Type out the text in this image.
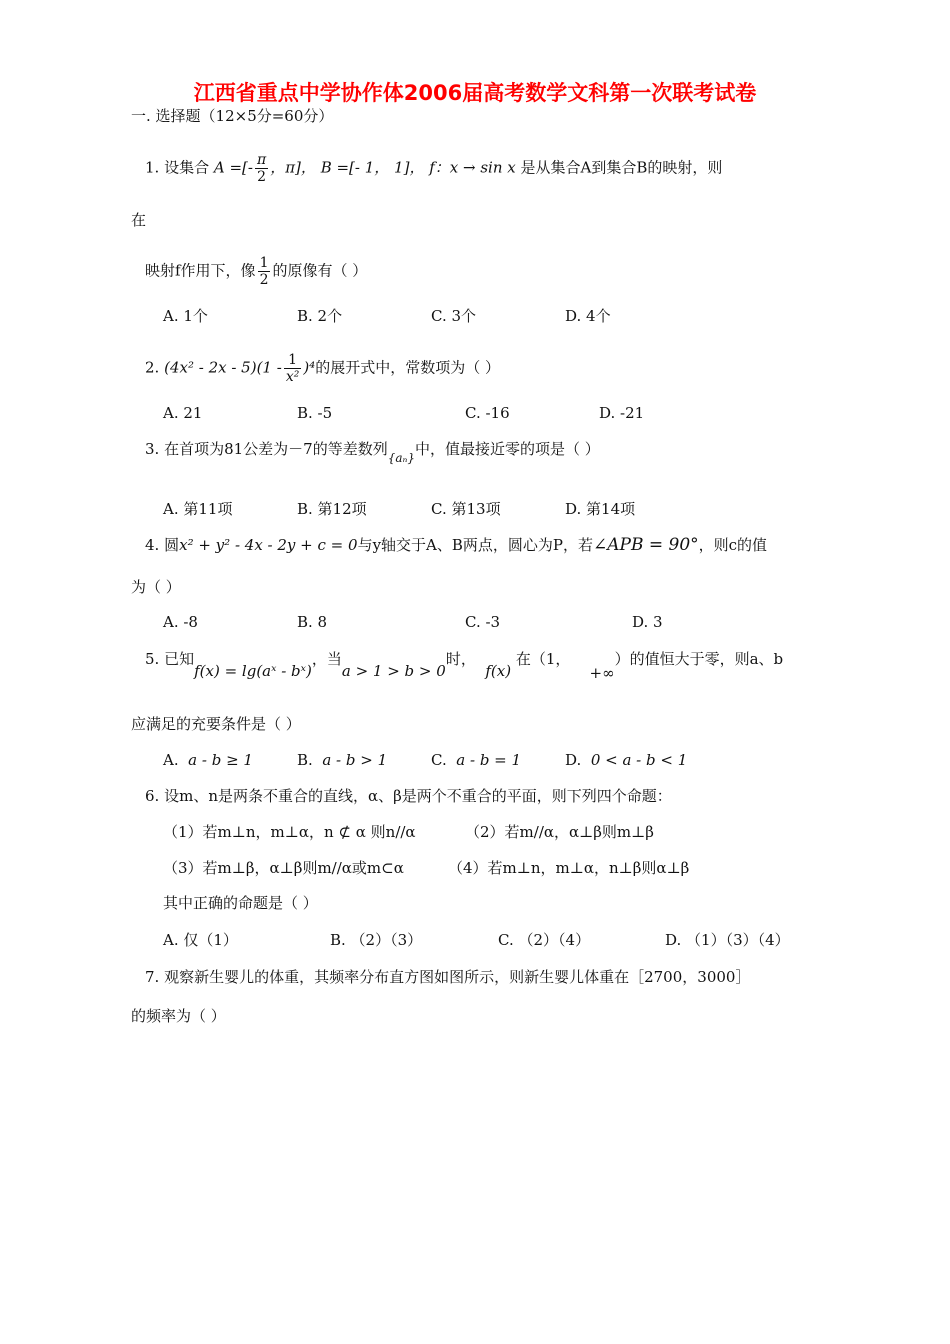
江西省重点中学协作体2006届高考数学文科第一次联考试卷
一. 选择题（12×5分=60分）
1. 设集合 A =[- $\frac{\pi}{2}$ ，π]， B =[- 1， 1]， f：x → sin x 是从集合A到集合B的映射，则
在
映射f作用下，像 $\frac{1}{2}$ 的原像有（ ）
A. 1个	B. 2个	C. 3个	D. 4个
2. $(4x^2 - 2x - 5)(1 - \frac{1}{\text{x²}} )^4$的展开式中，常数项为（ ）
A. 21	B. -5	C. -16	D. -21
3. 在首项为81公差为－7的等差数列$_{\{a_n\}}$中，值最接近零的项是（ ）
A. 第11项	B. 第12项	C. 第13项	D. 第14项
4. 圆x² + y² - 4x - 2y + c = 0与y轴交于A、B两点，圆心为P，若∠APB = 90°，则c的值
为（ ）
A. -8	B. 8	C. -3	D. 3
5. 已知f(x) = lg(aˣ - bˣ)，当a > 1 > b > 0时，  f(x) 在（1，    +∞）的值恒大于零，则a、b
应满足的充要条件是（ ）
A. a - b ≥ 1	B. a - b > 1	C. a - b = 1	D. 0 < a - b < 1
6. 设m、n是两条不重合的直线，α、β是两个不重合的平面，则下列四个命题：
（1）若m⊥n，m⊥α，n ⊄ α 则n//α	（2）若m//α，α⊥β则m⊥β
（3）若m⊥β，α⊥β则m//α或m⊂α	（4）若m⊥n，m⊥α，n⊥β则α⊥β
其中正确的命题是（ ）
A. 仅（1）	B. （2）（3）	C. （2）（4）	D. （1）（3）（4）
7. 观察新生婴儿的体重，其频率分布直方图如图所示，则新生婴儿体重在［2700，3000］
的频率为（ ）
